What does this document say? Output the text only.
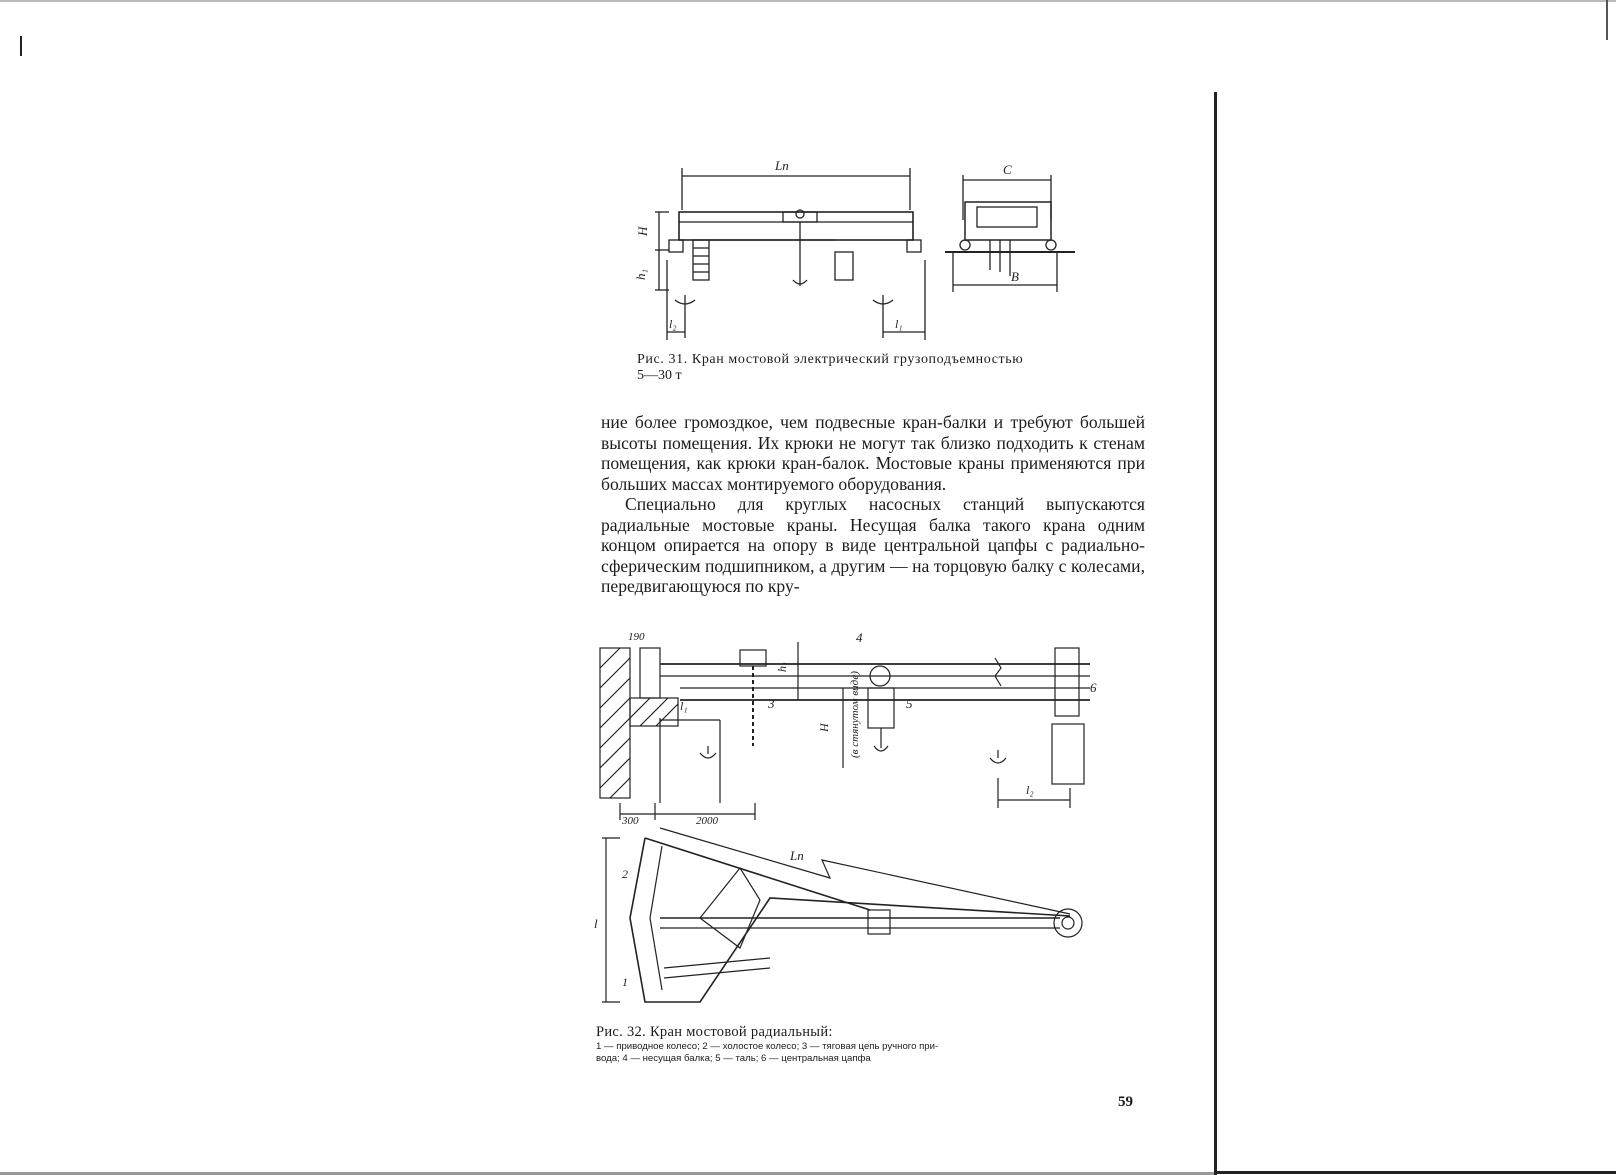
Lп
H
h₁
l₂	l₁
C
B
Рис. 31. Кран мостовой электрический грузоподъемностью
5—30 т

ние более громоздкое, чем подвесные кран-балки и требуют большей высоты помещения. Их крюки не могут так близко подходить к стенам помещения, как крюки кран-балок. Мостовые краны применяются при больших массах монтируемого оборудования.

Специально для круглых насосных станций выпускаются радиальные мостовые краны. Несущая балка такого крана одним концом опирается на опору в виде центральной цапфы с радиально-сферическим подшипником, а другим — на торцовую балку с колесами, передвигающуюся по кру-

190
h₁
4
3	5
6
l₁
H (в стянутом виде)
l₂
300	2000
Lп
2
l
1
Рис. 32. Кран мостовой радиальный:
1 — приводное колесо; 2 — холостое колесо; 3 — тяговая цепь ручного при-
вода; 4 — несущая балка; 5 — таль; 6 — центральная цапфа
59
